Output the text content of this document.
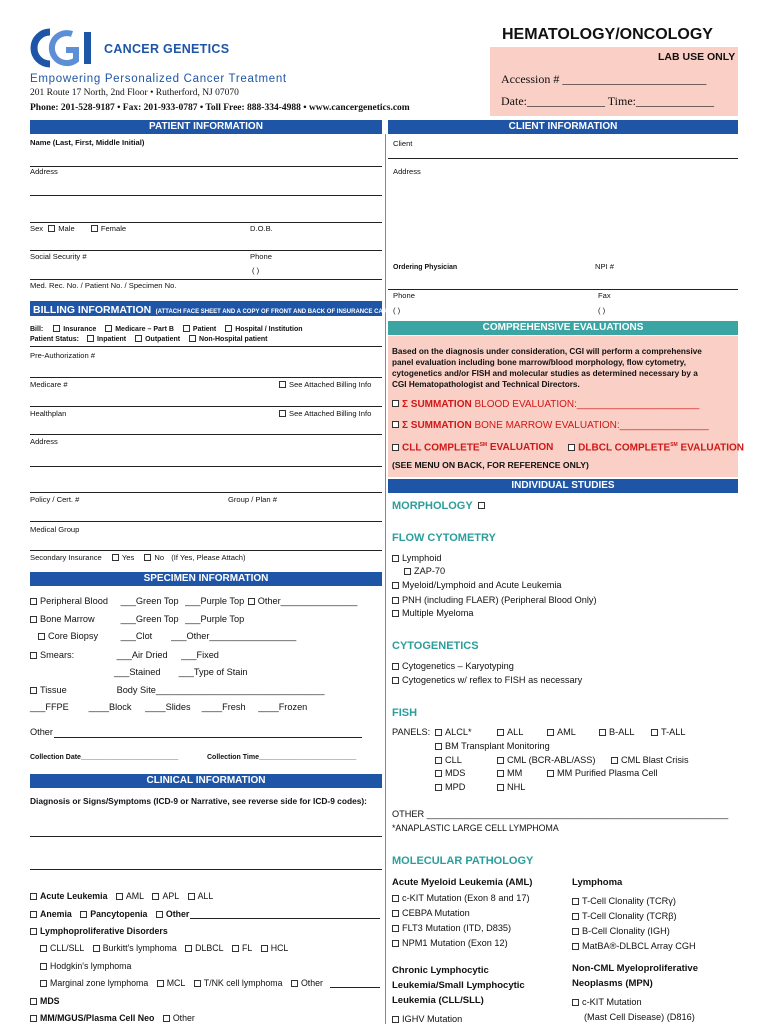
CANCER GENETICS
Empowering Personalized Cancer Treatment
201 Route 17 North, 2nd Floor • Rutherford, NJ 07070
Phone: 201-528-9187 • Fax: 201-933-0787 • Toll Free: 888-334-4988 • www.cancergenetics.com
HEMATOLOGY/ONCOLOGY
LAB USE ONLY
Accession # ________________________
Date:_____________ Time:_____________
PATIENT INFORMATION	CLIENT INFORMATION
Name (Last, First, Middle Initial)
Address
Sex Male	Female	D.O.B.
Social Security #	Phone
( )
Med. Rec. No. / Patient No. / Specimen No.
BILLING INFORMATION (ATTACH FACE SHEET AND A COPY OF FRONT AND BACK OF INSURANCE CARD)
Bill:	Insurance	Medicare – Part B	Patient	Hospital / Institution
Patient Status:	Inpatient	Outpatient	Non-Hospital patient
Pre-Authorization #
Medicare #	See Attached Billing Info
Healthplan	See Attached Billing Info
Address
Policy / Cert. #	Group / Plan #
Medical Group
Secondary Insurance	Yes	No (If Yes, Please Attach)
SPECIMEN INFORMATION
Peripheral Blood ___Green Top ___Purple Top Other_______________
Bone Marrow	___Green Top ___Purple Top
Core Biopsy ___Clot ___Other_________________
Smears:	___Air Dried ___Fixed
___Stained ___Type of Stain
Tissue	Body Site_________________________________
___FFPE ____Block ____Slides ____Fresh ____Frozen
Other
Collection Date_________________________	Collection Time_________________________
CLINICAL INFORMATION
Diagnosis or Signs/Symptoms (ICD-9 or Narrative, see reverse side for ICD-9 codes):
Acute Leukemia AML APL ALL
Anemia Pancytopenia Other
Lymphoproliferative Disorders
CLL/SLL Burkitt's lymphoma DLBCL FL HCL
Hodgkin's lymphoma
Marginal zone lymphoma MCL T/NK cell lymphoma Other
MDS
MM/MGUS/Plasma Cell Neo Other
Client
Address
Ordering Physician	NPI #
Phone	Fax
( )	( )
COMPREHENSIVE EVALUATIONS
Based on the diagnosis under consideration, CGI will perform a comprehensive
panel evaluation including bone marrow/blood morphology, flow cytometry,
cytogenetics and/or FISH and molecular studies as determined necessary by a
CGI Hematopathologist and Technical Directors.
Σ SUMMATION BLOOD EVALUATION:______________________
Σ SUMMATION BONE MARROW EVALUATION:________________
CLL COMPLETE℠ EVALUATION DLBCL COMPLETE℠ EVALUATION
(SEE MENU ON BACK, FOR REFERENCE ONLY)
INDIVIDUAL STUDIES
MORPHOLOGY
FLOW CYTOMETRY
Lymphoid
ZAP-70
Myeloid/Lymphoid and Acute Leukemia
PNH (including FLAER) (Peripheral Blood Only)
Multiple Myeloma
CYTOGENETICS
Cytogenetics – Karyotyping
Cytogenetics w/ reflex to FISH as necessary
FISH
PANELS: ALCL*	ALL	AML	B-ALL	T-ALL
BM Transplant Monitoring
CLL	CML (BCR-ABL/ASS)	CML Blast Crisis
MDS	MM	MM Purified Plasma Cell
MPD	NHL
OTHER ___________________________________________________________
*ANAPLASTIC LARGE CELL LYMPHOMA
MOLECULAR PATHOLOGY
Acute Myeloid Leukemia (AML)
c-KIT Mutation (Exon 8 and 17)
CEBPA Mutation
FLT3 Mutation (ITD, D835)
NPM1 Mutation (Exon 12)
Chronic Lymphocytic
Leukemia/Small Lymphocytic
Leukemia (CLL/SLL)
IGHV Mutation
Lymphoma
T-Cell Clonality (TCRγ)
T-Cell Clonality (TCRβ)
B-Cell Clonality (IGH)
MatBA®-DLBCL Array CGH
Non-CML Myeloproliferative
Neoplasms (MPN)
c-KIT Mutation
(Mast Cell Disease) (D816)
